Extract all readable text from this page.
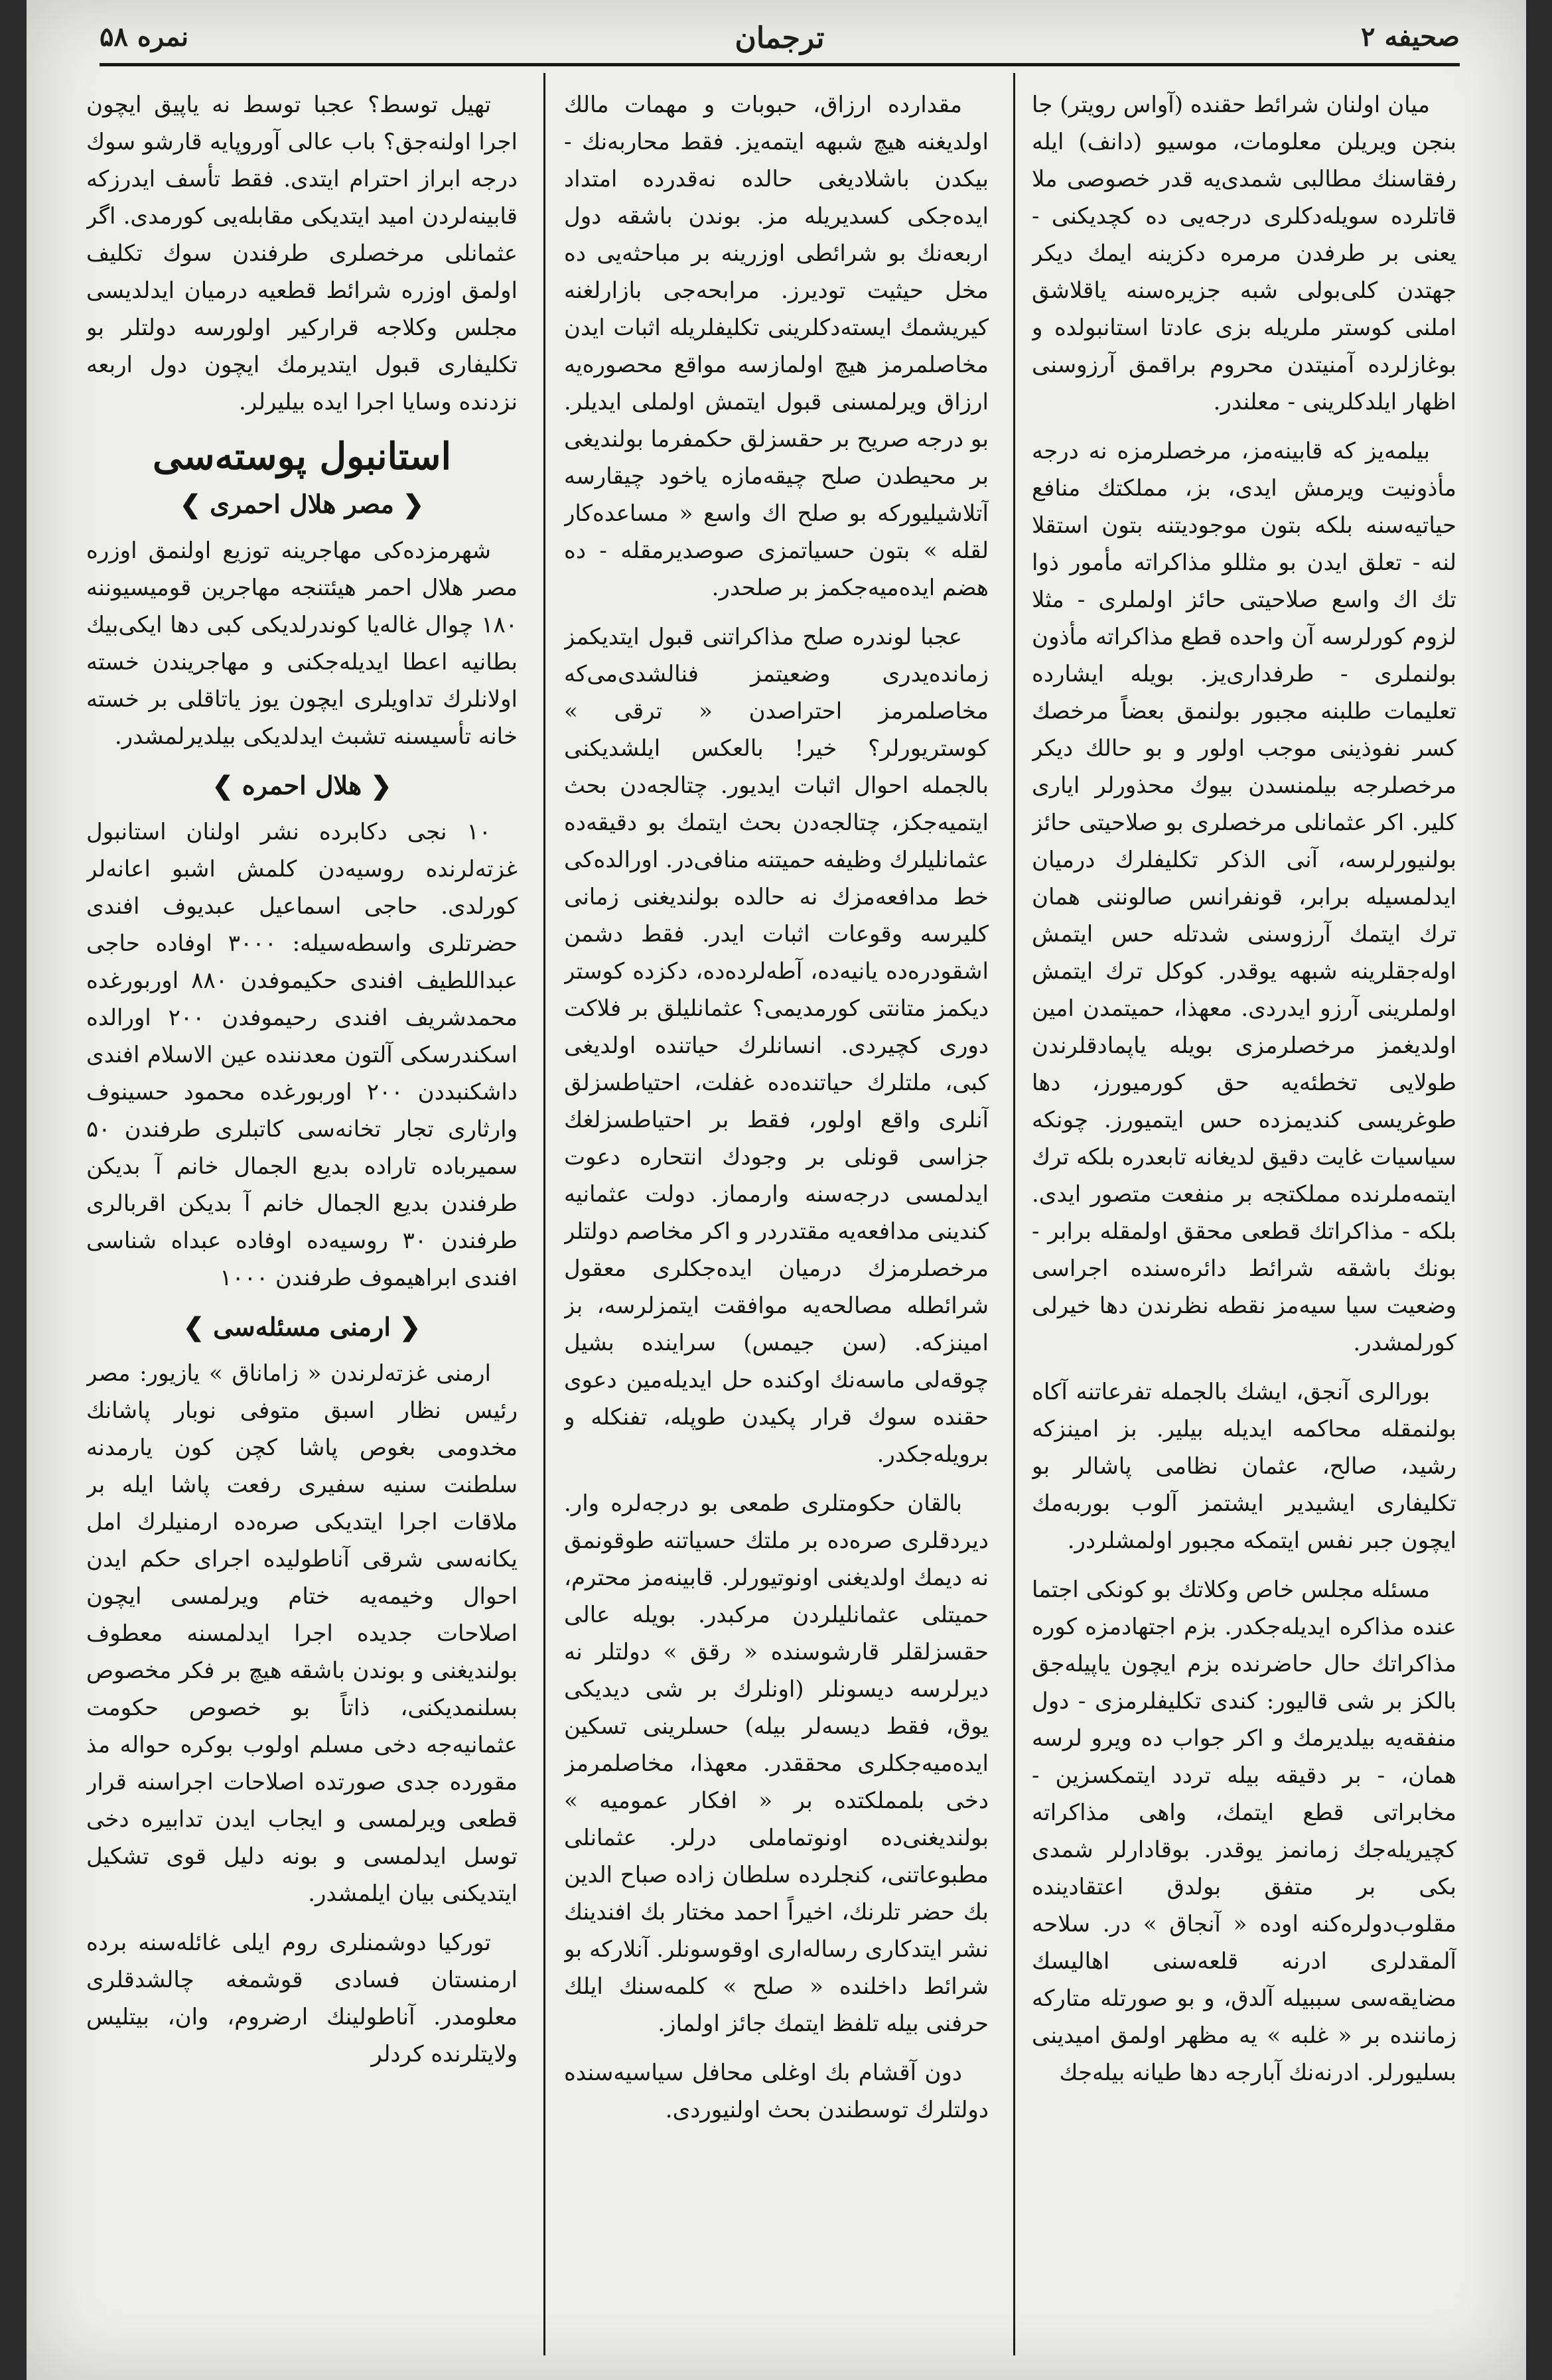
صحیفه ۲
ترجمان
نمره ۵۸

میان اولنان شرائط حقنده (آواس رویتر) جا بنجن ویریلن معلومات، موسیو (دانف) ایله رفقاسنك مطالبی شمدی‌یه قدر خصوصی ملا قاتلرده سویله‌دکلری درجه‌یی ده کچدیکنی - یعنی بر طرفدن مرمره دکزینه ایمك دیکر جهتدن کلی‌بولی شبه جزیره‌سنه یاقلاشق املنی کوستر ملریله بزی عادتا استانبولده و بوغازلرده آمنیتدن محروم براقمق آرزوسنی اظهار ایلدکلرینی - معلندر.

بیلمه‌یز که قابینه‌مز، مرخصلرمزه نه درجه مأذونیت ویرمش ایدی، بز، مملکتك منافع حیاتیه‌سنه بلکه بتون موجودیتنه بتون استقلا لنه - تعلق ایدن بو مثللو مذاکراته مأمور ذوا تك اك واسع صلاحیتی حائز اولملری - مثلا لزوم کورلرسه آن واحده قطع مذاکراته مأذون بولنملری - طرفداری‌یز. بویله ایشارده تعلیمات طلبنه مجبور بولنمق بعضاً مرخصك کسر نفوذینی موجب اولور و بو حالك دیکر مرخصلرجه بیلمنسدن بیوك محذورلر ایاری کلیر. اکر عثمانلی مرخصلری بو صلاحیتی حائز بولنیورلرسه، آنی الذکر تکلیفلرك درمیان ایدلمسیله برابر، قونفرانس صالوننی همان ترك ایتمك آرزوسنی شدتله حس ایتمش اوله‌جقلرینه شبهه یوقدر. کوکل ترك ایتمش اولملرینی آرزو ایدردی. معهذا، حمیتمدن امین اولدیغمز مرخصلرمزی بویله یاپمادقلرندن طولایی تخطئه‌یه حق کورمیورز، دها طوغریسی کندیمزده حس ایتمیورز. چونکه سیاسیات غایت دقیق لدیغانه تابعدره بلکه ترك ایتمه‌ملرنده مملکتجه بر منفعت متصور ایدی. بلکه - مذاکراتك قطعی محقق اولمقله برابر - بونك باشقه شرائط دائره‌سنده اجراسی وضعیت سیا سیه‌مز نقطه نظرندن دها خیرلی کورلمشدر.

بورالری آنجق، ایشك بالجمله تفرعاتنه آکاه بولنمقله محاکمه ایدیله بیلیر. بز امینزکه رشید، صالح، عثمان نظامی پاشالر بو تکلیفاری ایشیدیر ایشتمز آلوب بوربه‌مك ایچون جبر نفس ایتمکه مجبور اولمشلردر.

مسئله مجلس خاص وکلاتك بو کونکی اجتما عنده مذاکره ایدیله‌جکدر. بزم اجتهادمزه کوره مذاکراتك حال حاضرنده بزم ایچون یاپیله‌جق بالکز بر شی قالیور: کندی تکلیفلرمزی - دول منفقه‌یه بیلدیرمك و اکر جواب ده ویرو لرسه همان، - بر دقیقه بیله تردد ایتمکسزین - مخابراتی قطع ایتمك، واهی مذاکراته کچیریله‌جك زمانمز یوقدر. بوقادارلر شمدی بکی بر متفق بولدق اعتقادینده مقلوب‌دولره‌کنه اوده « آنجاق » در. سلاحه آلمقدلری ادرنه قلعه‌سنی اهالیسك مضایقه‌سی سببیله آلدق، و بو صورتله متارکه زماننده بر « غلبه » یه مظهر اولمق امیدینی بسلیورلر. ادرنه‌نك آبارجه دها طیانه بیله‌جك

مقدارده ارزاق، حبوبات و مهمات مالك اولدیغنه هیچ شبهه ایتمه‌یز. فقط محاربه‌نك - بیکدن باشلادیغی حالده نه‌قدرده‌ امتداد ایده‌جکی کسدیریله مز. بوندن باشقه دول اربعه‌نك بو شرائطی اوزرینه بر مباحثه‌یی ده مخل حیثیت تودیرز. مرابحه‌جی بازارلغنه کیریشمك ایسته‌دکلرینی تکلیفلریله اثبات ایدن مخاصلمرمز هیچ اولمازسه مواقع محصوره‌یه ارزاق ویرلمسنی قبول ایتمش اولملی ایدیلر. بو درجه صریح بر حقسزلق حکمفرما بولندیغی بر محیطدن صلح چیقه‌مازه یاخود چیقارسه آتلاشیلیورکه بو صلح اك واسع « مساعده‌کار لقله » بتون حسیاتمزی صوصدیرمقله - ده هضم ایده‌میه‌جکمز بر صلحدر.

عجبا لوندره صلح مذاکراتنی قبول ایتدیکمز زمانده‌یدری وضعیتمز فنالشدی‌می‌که مخاصلمرمز احتراصدن « ترقی » کوستریورلر؟ خیر! بالعکس ایلشدیکنی بالجمله احوال اثبات ایدیور. چتالجه‌دن بحث ایتمیه‌جکز، چتالجه‌دن بحث ایتمك بو دقیقه‌ده عثمانلیلرك وظیفه حمیتنه منافی‌در. اورالده‌کی خط مدافعه‌مزك نه حالده بولندیغنی زمانی کلیرسه وقوعات اثبات ایدر. فقط دشمن اشقودره‌ده یانیه‌ده، آطه‌لرده‌ده، دکزده کوستر دیکمز متانتی کورمدیمی؟ عثمانلیلق بر فلاکت دوری کچیردی. انسانلرك حیاتنده اولدیغی کبی، ملتلرك حیاتنده‌ده غفلت، احتیاطسزلق آنلری واقع اولور، فقط بر احتیاطسزلغك جزاسی قونلی بر وجودك انتحاره دعوت ایدلمسی درجه‌سنه وارمماز. دولت عثمانیه کندینی مدافعه‌یه مقتدردر و اکر مخاصم دولتلر مرخصلرمزك درمیان ایده‌جکلری معقول شرائطله مصالحه‌یه موافقت ایتمزلرسه، بز امینزکه. (سن جیمس) سراینده بشیل چوقه‌لی ماسه‌نك اوکنده حل ایدیله‌مین دعوی حقنده سوك قرار پکیدن طوپله، تفنکله و برویله‌جکدر.

بالقان حکومتلری طمعی بو درجه‌لره وار. دیردقلری صره‌ده بر ملتك حسیاتنه طوقونمق نه دیمك اولدیغنی اونوتیورلر. قابینه‌مز محترم، حمیتلی عثمانلیلردن مرکبدر. بویله عالی حقسزلقلر قارشوسنده « رقق » دولتلر نه دیرلرسه دیسونلر (اونلرك بر شی دیدیکی یوق، فقط دیسه‌لر بیله) حسلرینی تسکین ایده‌میه‌جکلری محققدر. معهذا، مخاصلمرمز دخی بلمملکتده بر « افکار عمومیه » بولندیغنی‌ده اونوتماملی در‌لر. عثمانلی مطبوعاتنی، کنجلرده سلطان زاده صباح الدین بك حضر تلرنك، اخیراً احمد مختار بك افندینك نشر ایتدکاری رساله‌اری اوقوسونلر. آنلارکه بو شرائط داخلنده « صلح » کلمه‌سنك ایلك حرفنی بیله تلفظ ایتمك جائز اولماز.

دون آقشام بك اوغلی محافل سیاسیه‌سنده دولتلرك توسطندن بحث اولنیوردی.

تهیل توسط؟ عجبا توسط نه یاپیق ایچون اجرا اولنه‌جق؟ باب عالی آوروپایه قارشو سوك درجه ابراز احترام ایتدی. فقط تأسف ایدرزکه قابینه‌لردن امید ایتدیکی مقابله‌یی کورمدی. اگر عثمانلی مرخصلری طرفندن سوك تکلیف اولمق اوزره شرائط قطعیه درمیان ایدلدیسی مجلس وکلاجه قرارکیر اولورسه دولتلر بو تکلیفاری قبول ایتدیرمك ایچون دول اربعه نزدنده وسایا اجرا ایده بیلیرلر.

استانبول پوسته‌سی
❮ مصر هلال احمری ❯

شهرمزده‌کی مهاجرینه توزیع اولنمق اوزره مصر هلال احمر هیئتنجه مهاجرین قومیسیوننه ۱۸۰ چوال غاله‌یا کوندرلدیکی کبی دها ایکی‌بیك بطانیه اعطا ایدیله‌جکنی و مهاجریندن خسته اولانلرك تداویلری ایچون یوز یاتاقلی بر خسته خانه تأسیسنه تشبث ایدلدیکی بیلدیرلمشدر.

❮ هلال احمره ❯

۱۰ نجی دکابرده نشر اولنان استانبول غزته‌لرنده روسیه‌دن کلمش اشبو اعانه‌لر کورلدی. حاجی اسماعیل عبدیوف افندی حضرتلری واسطه‌سیله: ۳۰۰۰ اوفاده حاجی عبداللطیف افندی حکیموفدن ۸۸۰ اوربورغده محمدشریف افندی رحیموفدن ۲۰۰ اورالده اسکندرسکی آلتون معدننده عین الاسلام افندی داشکنبددن ۲۰۰ اوربورغده محمود حسینوف وارثاری تجار تخانه‌سی کاتبلری طرفندن ۵۰ سمیرباده تاراده بدیع الجمال خانم آ بدیکن طرفندن بدیع الجمال خانم آ بدیکن اقربالری طرفندن ۳۰ روسیه‌ده اوفاده عبداه شناسی افندی ابراهیموف طرفندن ۱۰۰۰

❮ ارمنی مسئله‌سی ❯

ارمنی غزته‌لرندن « زاماناق » یازیور: مصر رئیس نظار اسبق متوفی نوبار پاشانك مخدومی بغوص پاشا کچن کون یارمدنه سلطنت سنیه سفیری رفعت پاشا ایله بر ملاقات اجرا ایتدیکی صره‌ده ارمنیلرك امل یکانه‌سی شرقی آناطولیده اجرای حکم ایدن احوال وخیمه‌یه ختام ویرلمسی ایچون اصلاحات جدیده اجرا ایدلمسنه معطوف بولندیغنی و بوندن باشقه هیچ بر فکر مخصوص بسلنمدیکنی، ذاتاً بو خصوص حکومت عثمانیه‌جه دخی مسلم اولوب بوکره حواله مذ مقورده جدی صورتده اصلاحات اجراسنه قرار قطعی ویرلمسی و ایجاب ایدن تدابیره دخی توسل ایدلمسی و بونه دلیل قوی تشکیل ایتدیکنی بیان ایلمشدر.

تورکیا دوشمنلری روم ایلی غائله‌سنه برده ارمنستان فسادی قوشمغه چالشدقلری معلومدر. آناطولینك ارضروم، وان، بیتلیس ولایتلرنده کردلر
